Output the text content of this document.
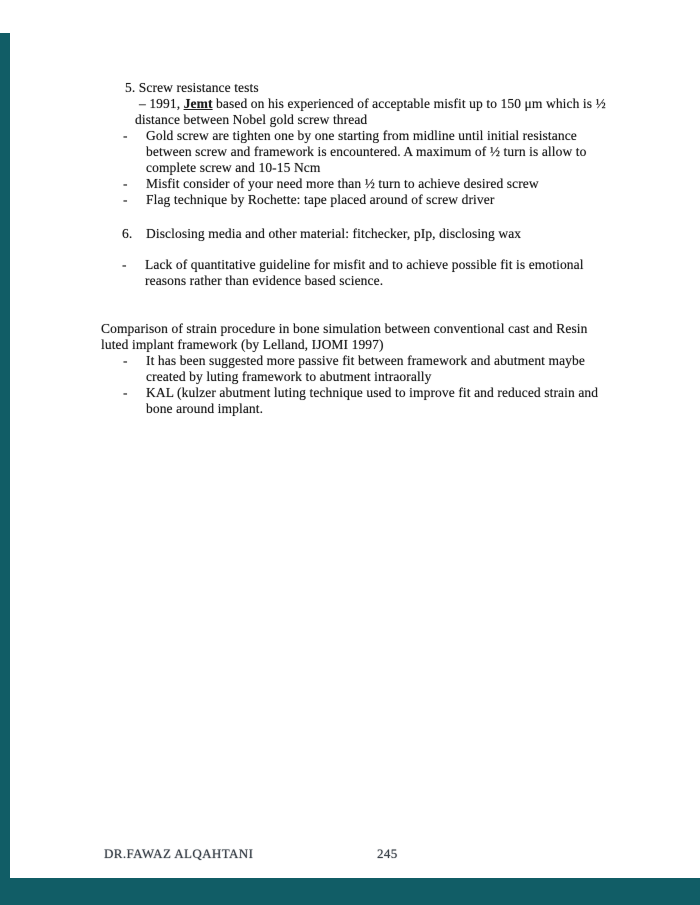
5. Screw resistance tests
– 1991, Jemt based on his experienced of acceptable misfit up to 150 μm which is ½
distance between Nobel gold screw thread
-	Gold screw are tighten one by one starting from midline until initial resistance
between screw and framework is encountered. A maximum of ½ turn is allow to
complete screw and 10-15 Ncm
-	Misfit consider of your need more than ½ turn to achieve desired screw
-	Flag technique by Rochette: tape placed around of screw driver
6.	Disclosing media and other material: fitchecker, pIp, disclosing wax
-	Lack of quantitative guideline for misfit and to achieve possible fit is emotional
reasons rather than evidence based science.
Comparison of strain procedure in bone simulation between conventional cast and Resin
luted implant framework (by Lelland, IJOMI 1997)
-	It has been suggested more passive fit between framework and abutment maybe
created by luting framework to abutment intraorally
-	KAL (kulzer abutment luting technique used to improve fit and reduced strain and
bone around implant.
DR.FAWAZ ALQAHTANI	245
